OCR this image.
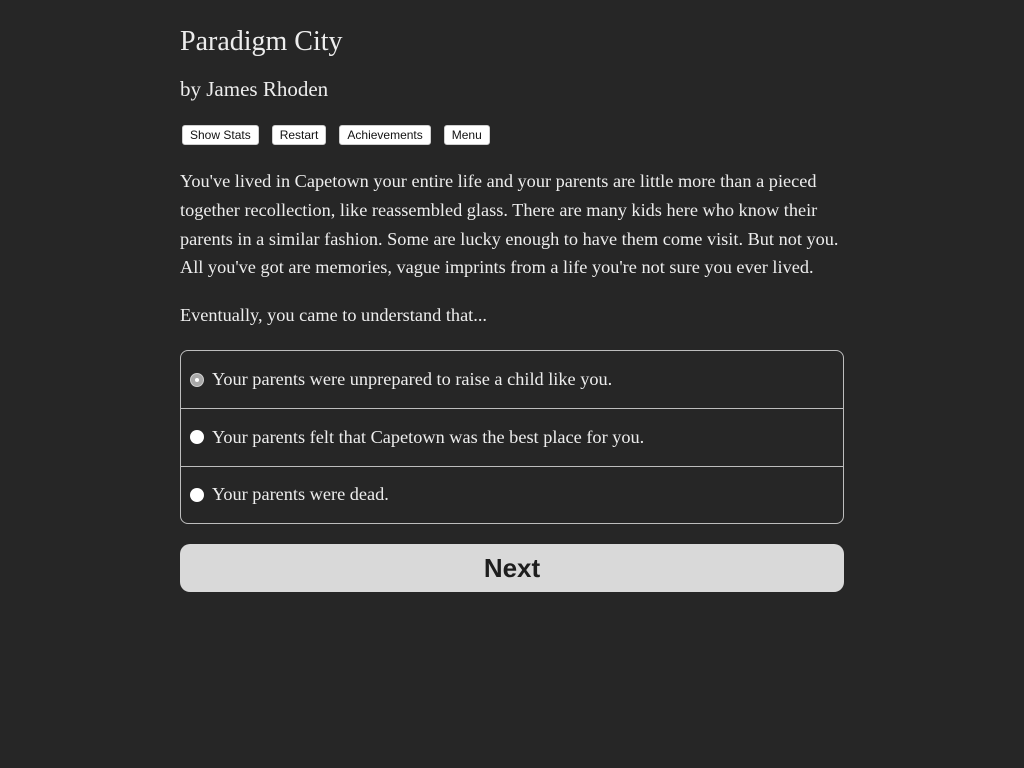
Paradigm City
by James Rhoden
Show Stats	Restart	Achievements	Menu

You've lived in Capetown your entire life and your parents are little more than a pieced together recollection, like reassembled glass. There are many kids here who know their parents in a similar fashion. Some are lucky enough to have them come visit. But not you. All you've got are memories, vague imprints from a life you're not sure you ever lived.

Eventually, you came to understand that...

Your parents were unprepared to raise a child like you.
Your parents felt that Capetown was the best place for you.
Your parents were dead.
Next
